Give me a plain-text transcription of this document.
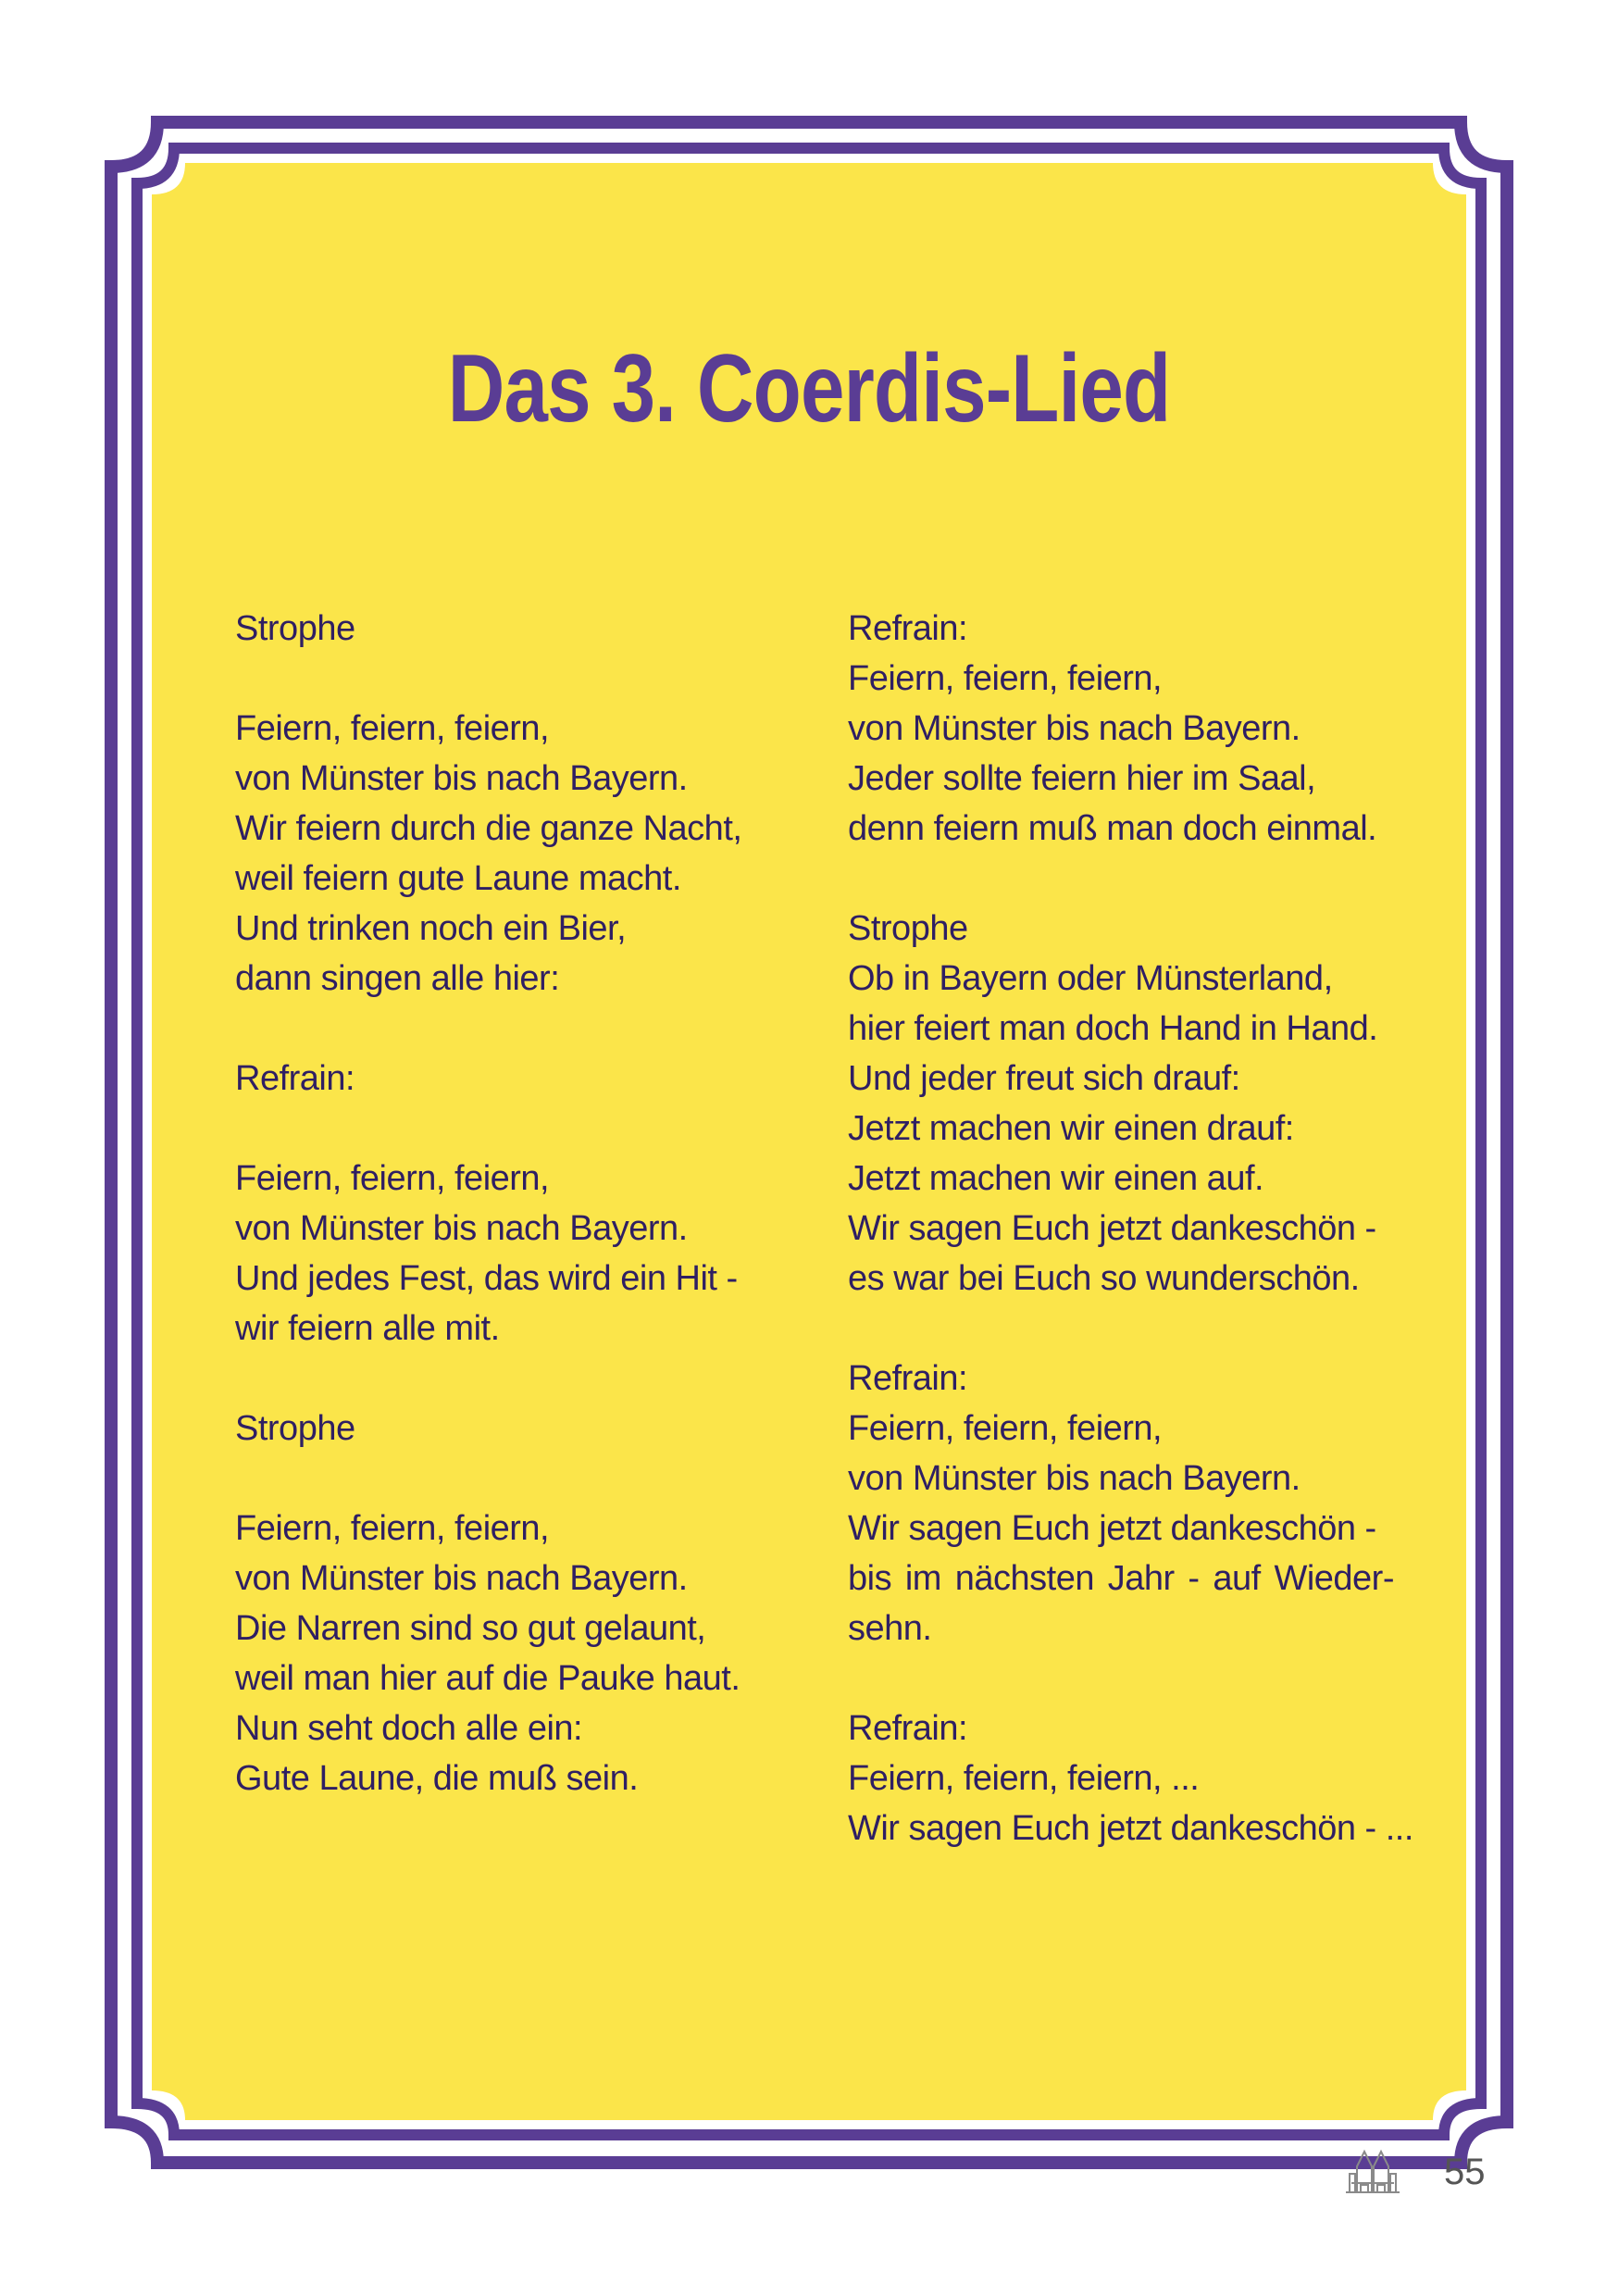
Das 3. Coerdis-Lied
Strophe
Feiern, feiern, feiern,
von Münster bis nach Bayern.
Wir feiern durch die ganze Nacht,
weil feiern gute Laune macht.
Und trinken noch ein Bier,
dann singen alle hier:
Refrain:
Feiern, feiern, feiern,
von Münster bis nach Bayern.
Und jedes Fest, das wird ein Hit -
wir feiern alle mit.
Strophe
Feiern, feiern, feiern,
von Münster bis nach Bayern.
Die Narren sind so gut gelaunt,
weil man hier auf die Pauke haut.
Nun seht doch alle ein:
Gute Laune, die muß sein.
Refrain:
Feiern, feiern, feiern,
von Münster bis nach Bayern.
Jeder sollte feiern hier im Saal,
denn feiern muß man doch einmal.
Strophe
Ob in Bayern oder Münsterland,
hier feiert man doch Hand in Hand.
Und jeder freut sich drauf:
Jetzt machen wir einen drauf:
Jetzt machen wir einen auf.
Wir sagen Euch jetzt dankeschön -
es war bei Euch so wunderschön.
Refrain:
Feiern, feiern, feiern,
von Münster bis nach Bayern.
Wir sagen Euch jetzt dankeschön -
bis im nächsten Jahr - auf Wieder-
sehn.
Refrain:
Feiern, feiern, feiern, ...
Wir sagen Euch jetzt dankeschön - ...
55
